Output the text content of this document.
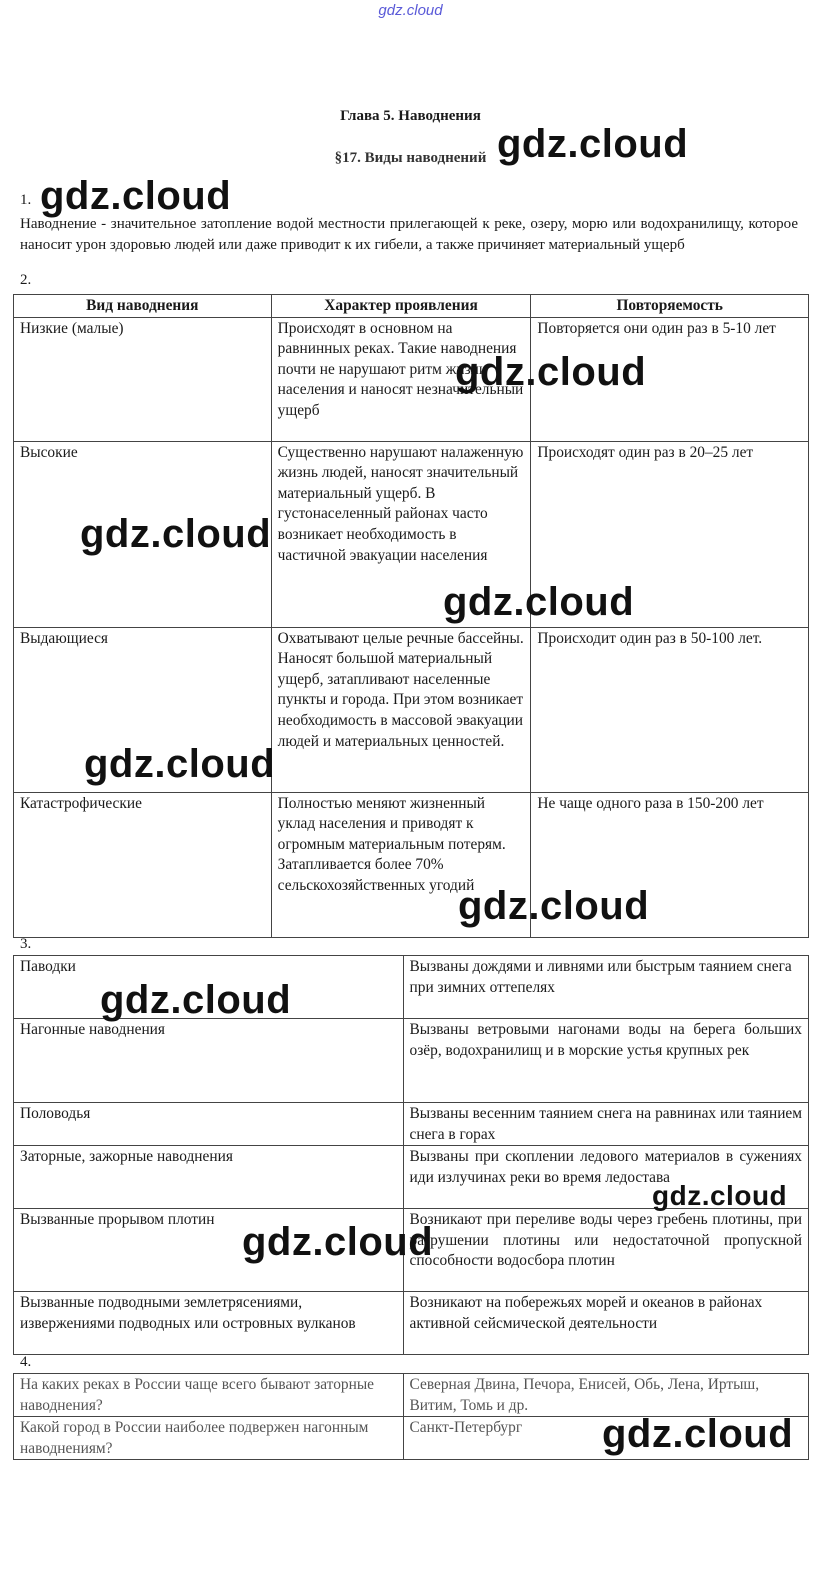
gdz.cloud
Глава 5. Наводнения
§17. Виды наводнений
1.
Наводнение - значительное затопление водой местности прилегающей к реке, озеру, морю или водохранилищу, которое наносит урон здоровью людей или даже приводит к их гибели, а также причиняет материальный ущерб
2.
Вид наводнения	Характер проявления	Повторяемость
Низкие (малые)	Происходят в основном на равнинных реках. Такие наводнения почти не нарушают ритм жизни населения и наносят незначительный ущерб	Повторяется они один раз в 5-10 лет
Высокие	Существенно нарушают налаженную жизнь людей, наносят значительный материальный ущерб. В густонаселенный районах часто возникает необходимость в частичной эвакуации населения	Происходят один раз в 20–25 лет
Выдающиеся	Охватывают целые речные бассейны. Наносят большой материальный ущерб, затапливают населенные пункты и города. При этом возникает необходимость в массовой эвакуации людей и материальных ценностей.	Происходит один раз в 50-100 лет.
Катастрофические	Полностью меняют жизненный уклад населения и приводят к огромным материальным потерям. Затапливается более 70% сельскохозяйственных угодий	Не чаще одного раза в 150-200 лет
3.
Паводки	Вызваны дождями и ливнями или быстрым таянием снега при зимних оттепелях
Нагонные наводнения	Вызваны ветровыми нагонами воды на берега больших озёр, водохранилищ и в морские устья крупных рек
Половодья	Вызваны весенним таянием снега на равнинах или таянием снега в горах
Заторные, зажорные наводнения	Вызваны при скоплении ледового материалов в сужениях иди излучинах реки во время ледостава
Вызванные прорывом плотин	Возникают при переливе воды через гребень плотины, при разрушении плотины или недостаточной пропускной способности водосбора плотин
Вызванные подводными землетрясениями, извержениями подводных или островных вулканов	Возникают на побережьях морей и океанов в районах активной сейсмической деятельности
4.
На каких реках в России чаще всего бывают заторные наводнения?	Северная Двина, Печора, Енисей, Обь, Лена, Иртыш, Витим, Томь и др.
Какой город в России наиболее подвержен нагонным наводнениям?	Санкт-Петербург
gdz.cloud
gdz.cloud
gdz.cloud
gdz.cloud
gdz.cloud
gdz.cloud
gdz.cloud
gdz.cloud
gdz.cloud
gdz.cloud
gdz.cloud
